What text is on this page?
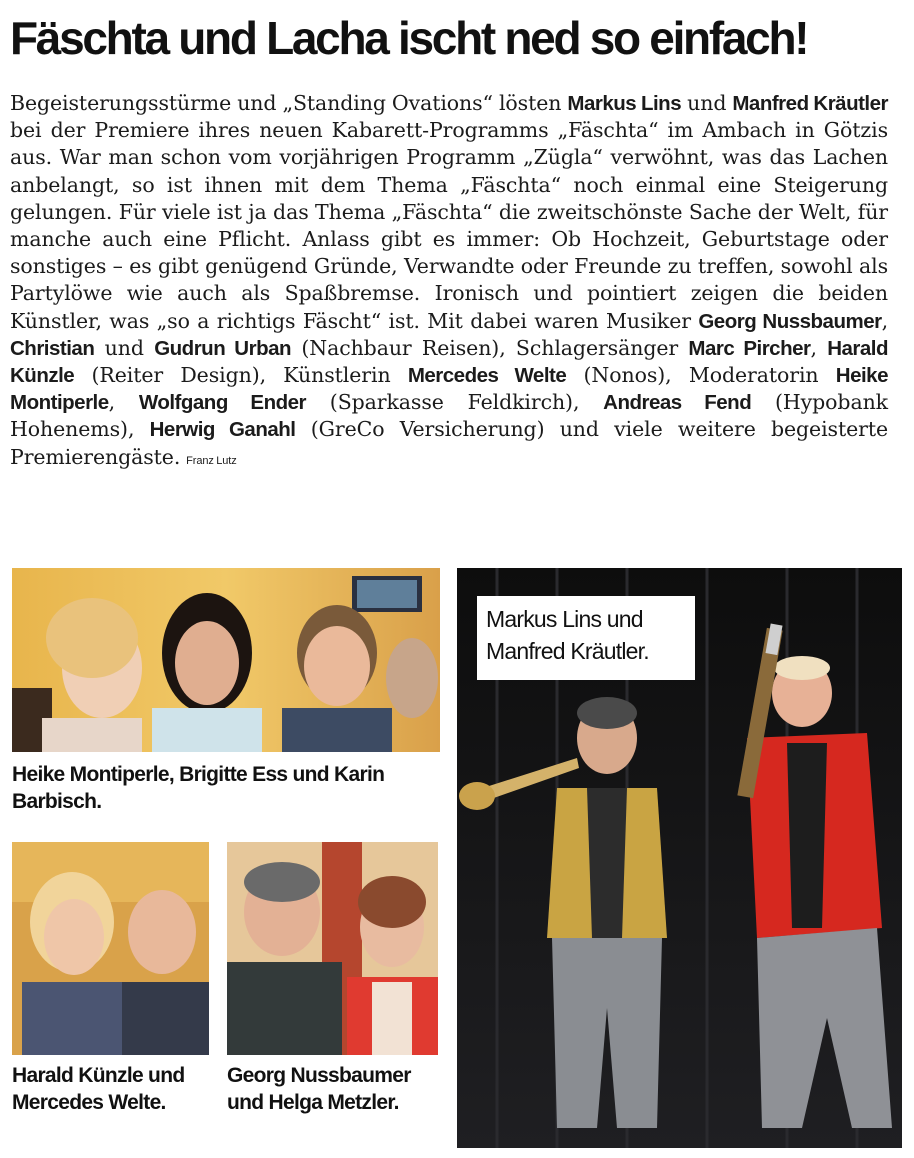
Fäschta und Lacha ischt ned so einfach!
Begeisterungsstürme und „Standing Ovations“ lösten Markus Lins und Manfred Kräutler bei der Premiere ihres neuen Kabarett-Programms „Fäschta“ im Ambach in Götzis aus. War man schon vom vorjährigen Programm „Zügla“ verwöhnt, was das Lachen anbelangt, so ist ihnen mit dem Thema „Fäschta“ noch einmal eine Steigerung gelungen. Für viele ist ja das Thema „Fäschta“ die zweitschönste Sache der Welt, für manche auch eine Pflicht. Anlass gibt es immer: Ob Hochzeit, Geburtstage oder sonstiges – es gibt genügend Gründe, Verwandte oder Freunde zu treffen, sowohl als Partylöwe wie auch als Spaßbremse. Ironisch und pointiert zeigen die beiden Künstler, was „so a richtigs Fäscht“ ist. Mit dabei waren Musiker Georg Nussbaumer, Christian und Gudrun Urban (Nachbaur Reisen), Schlagersänger Marc Pircher, Harald Künzle (Reiter Design), Künstlerin Mercedes Welte (Nonos), Moderatorin Heike Montiperle, Wolfgang Ender (Sparkasse Feldkirch), Andreas Fend (Hypobank Hohenems), Herwig Ganahl (GreCo Versicherung) und viele weitere begeisterte Premierengäste. Franz Lutz
Heike Montiperle, Brigitte Ess und Karin Barbisch.
Harald Künzle und Mercedes Welte.
Georg Nussbaumer und Helga Metzler.
Markus Lins und Manfred Kräutler.
